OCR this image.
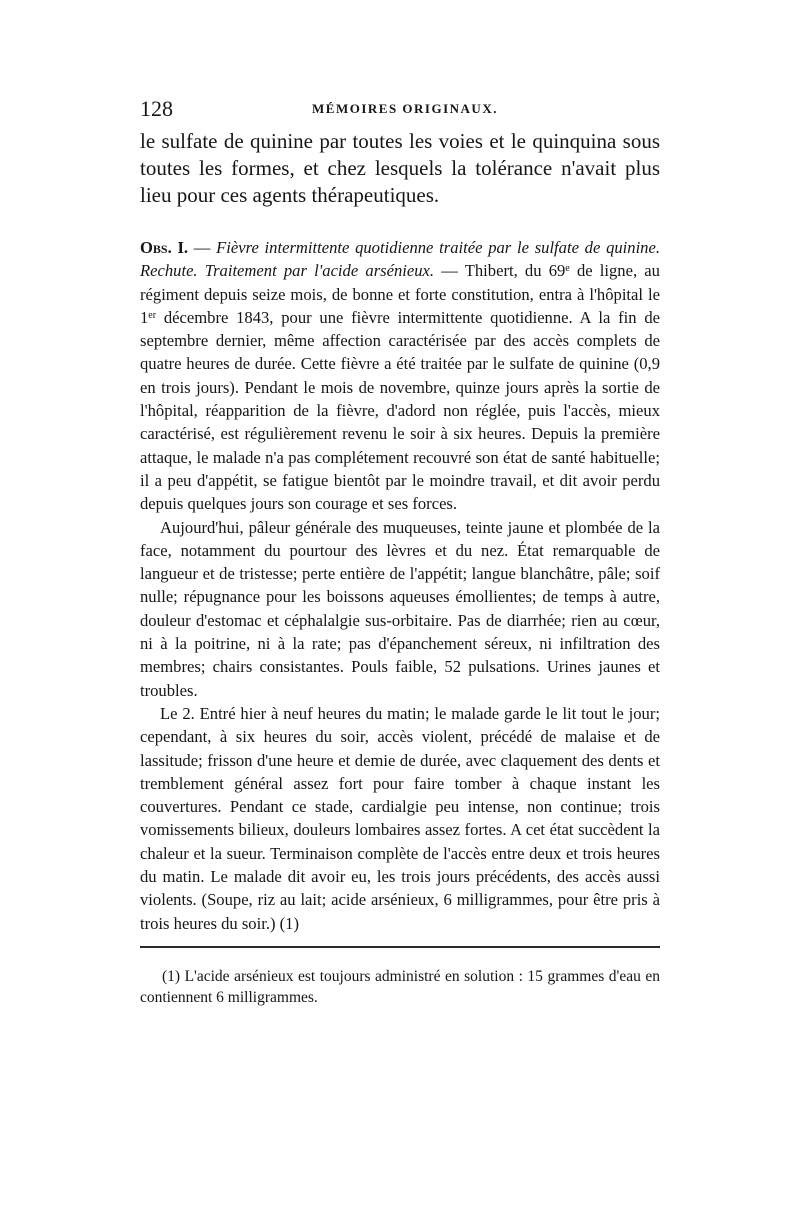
128	MÉMOIRES ORIGINAUX.

le sulfate de quinine par toutes les voies et le quinquina sous toutes les formes, et chez lesquels la tolérance n'avait plus lieu pour ces agents thérapeutiques.

Obs. I. — Fièvre intermittente quotidienne traitée par le sulfate de quinine. Rechute. Traitement par l'acide arsénieux. — Thibert, du 69e de ligne, au régiment depuis seize mois, de bonne et forte constitution, entra à l'hôpital le 1er décembre 1843, pour une fièvre intermittente quotidienne. A la fin de septembre dernier, même affection caractérisée par des accès complets de quatre heures de durée. Cette fièvre a été traitée par le sulfate de quinine (0,9 en trois jours). Pendant le mois de novembre, quinze jours après la sortie de l'hôpital, réapparition de la fièvre, d'adord non réglée, puis l'accès, mieux caractérisé, est régulièrement revenu le soir à six heures. Depuis la première attaque, le malade n'a pas complétement recouvré son état de santé habituelle; il a peu d'appétit, se fatigue bientôt par le moindre travail, et dit avoir perdu depuis quelques jours son courage et ses forces.

Aujourd'hui, pâleur générale des muqueuses, teinte jaune et plombée de la face, notamment du pourtour des lèvres et du nez. État remarquable de langueur et de tristesse; perte entière de l'appétit; langue blanchâtre, pâle; soif nulle; répugnance pour les boissons aqueuses émollientes; de temps à autre, douleur d'estomac et céphalalgie sus-orbitaire. Pas de diarrhée; rien au cœur, ni à la poitrine, ni à la rate; pas d'épanchement séreux, ni infiltration des membres; chairs consistantes. Pouls faible, 52 pulsations. Urines jaunes et troubles.

Le 2. Entré hier à neuf heures du matin; le malade garde le lit tout le jour; cependant, à six heures du soir, accès violent, précédé de malaise et de lassitude; frisson d'une heure et demie de durée, avec claquement des dents et tremblement général assez fort pour faire tomber à chaque instant les couvertures. Pendant ce stade, cardialgie peu intense, non continue; trois vomissements bilieux, douleurs lombaires assez fortes. A cet état succèdent la chaleur et la sueur. Terminaison complète de l'accès entre deux et trois heures du matin. Le malade dit avoir eu, les trois jours précédents, des accès aussi violents. (Soupe, riz au lait; acide arsénieux, 6 milligrammes, pour être pris à trois heures du soir.) (1)

(1) L'acide arsénieux est toujours administré en solution : 15 grammes d'eau en contiennent 6 milligrammes.
